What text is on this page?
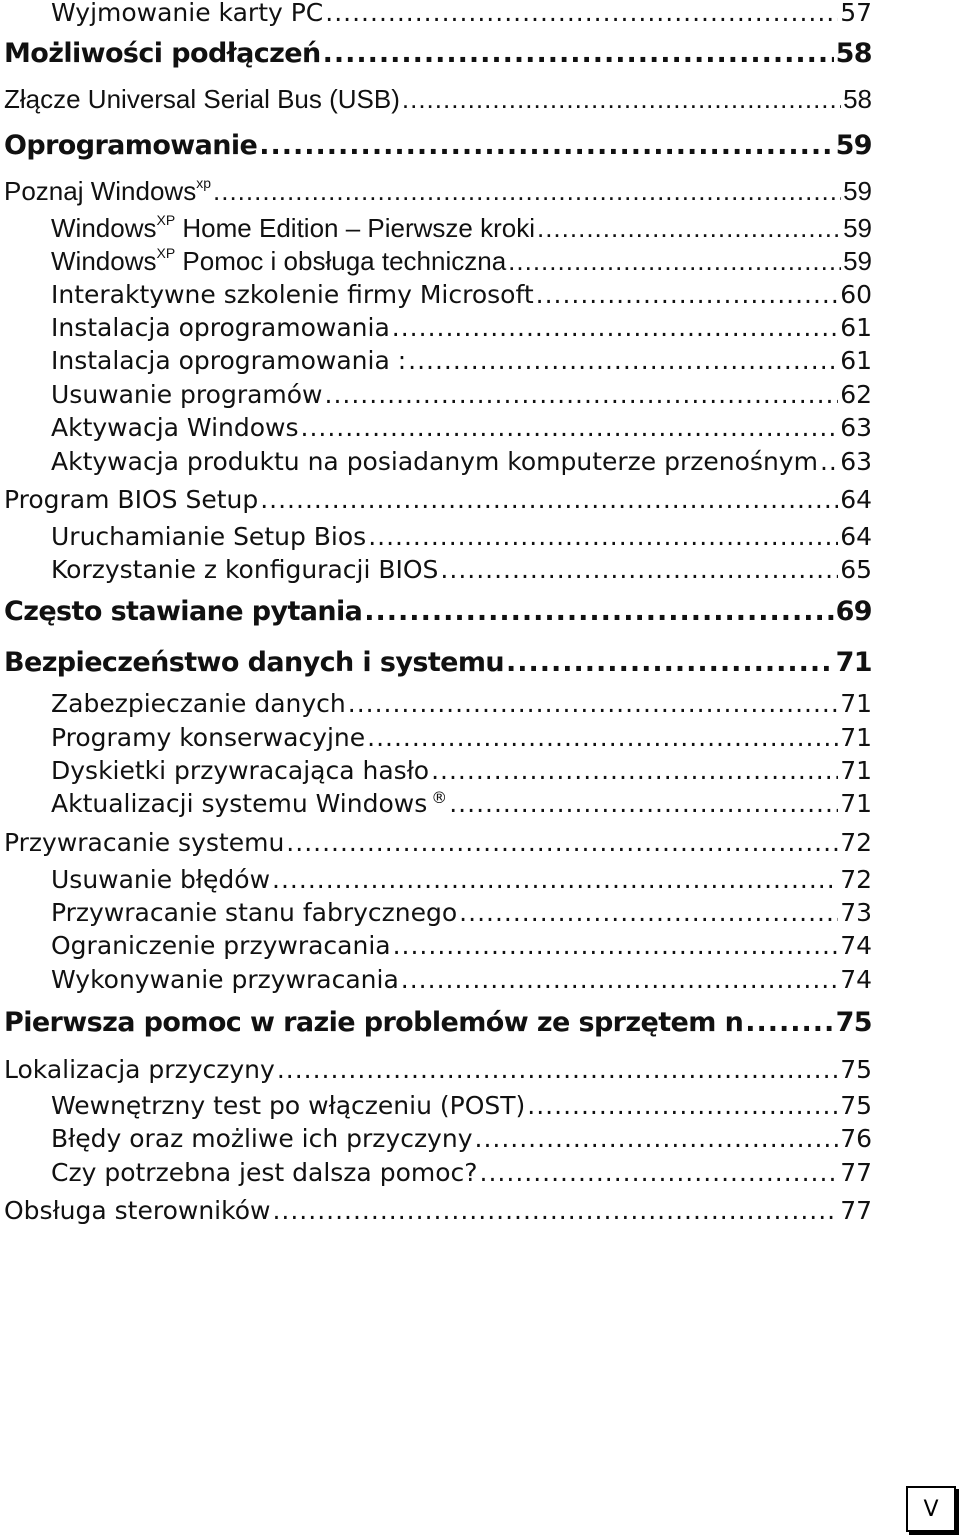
Wyjmowanie karty PC .....	57
Możliwości podłączeń .....	58
Złącze Universal Serial Bus (USB) .....	58
Oprogramowanie .....	59
Poznaj Windows$^{xp}$ .....	59
Windows$^{XP}$ Home Edition – Pierwsze kroki .....	59
Windows$^{XP}$ Pomoc i obsługa techniczna .....	59
Interaktywne szkolenie firmy Microsoft .....	60
Instalacja oprogramowania .....	61
Instalacja oprogramowania : .....	61
Usuwanie programów .....	62
Aktywacja Windows .....	63
Aktywacja produktu na posiadanym komputerze przenośnym ..... 63
Program BIOS Setup .....	64
Uruchamianie Setup Bios .....	64
Korzystanie z konfiguracji BIOS .....	65
Często stawiane pytania .....	69
Bezpieczeństwo danych i systemu .....	71
Zabezpieczanie danych .....	71
Programy konserwacyjne .....	71
Dyskietki przywracająca hasło .....	71
Aktualizacji systemu Windows ® .....	71
Przywracanie systemu .....	72
Usuwanie błędów .....	72
Przywracanie stanu fabrycznego .....	73
Ograniczenie przywracania .....	74
Wykonywanie przywracania .....	74
Pierwsza pomoc w razie problemów ze sprzętem n .....	75
Lokalizacja przyczyny .....	75
Wewnętrzny test po włączeniu (POST) .....	75
Błędy oraz możliwe ich przyczyny .....	76
Czy potrzebna jest dalsza pomoc? .....	77
Obsługa sterowników .....	77
V
